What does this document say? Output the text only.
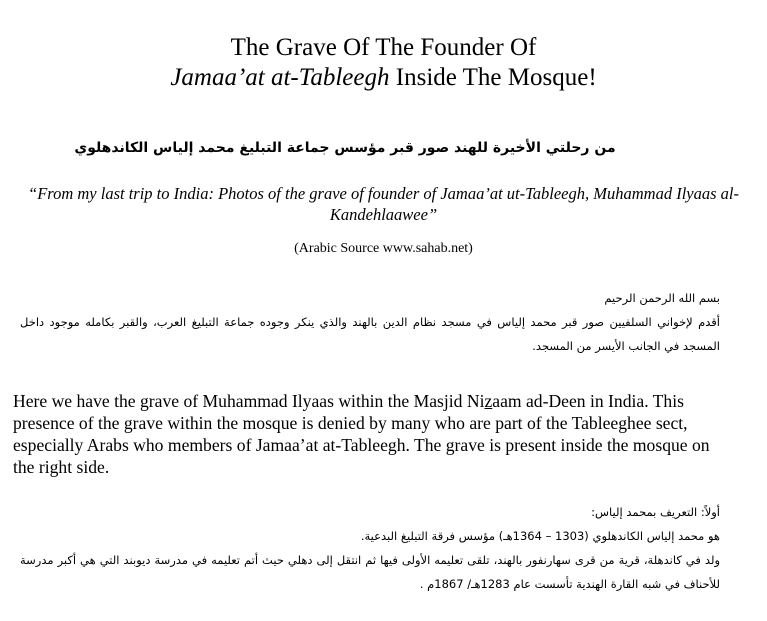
The Grave Of The Founder Of
Jamaa’at at-Tableegh Inside The Mosque!
من رحلتي الأخيرة للهند صور قبر مؤسس جماعة التبليغ محمد إلياس الكاندهلوي
“From my last trip to India: Photos of the grave of founder of Jamaa’at ut-Tableegh, Muhammad Ilyaas al-Kandehlaawee”
(Arabic Source www.sahab.net)

بسم الله الرحمن الرحيم

أقدم لإخواني السلفيين صور قبر محمد إلياس في مسجد نظام الدين بالهند والذي ينكر وجوده جماعة التبليغ العرب، والقبر بكامله موجود داخل المسجد في الجانب الأيسر من المسجد.

Here we have the grave of Muhammad Ilyaas within the Masjid Nizaam ad-Deen in India. This presence of the grave within the mosque is denied by many who are part of the Tableeghee sect, especially Arabs who members of Jamaa’at at-Tableegh. The grave is present inside the mosque on the right side.

أولاً: التعريف بمحمد إلياس:

هو محمد إلياس الكاندهلوي (1303 – 1364هـ) مؤسس فرقة التبليغ البدعية.

ولد في كاندهلة، قرية من قرى سهارنفور بالهند، تلقى تعليمه الأولى فيها ثم انتقل إلى دهلي حيث أتم تعليمه في مدرسة ديوبند التي هي أكبر مدرسة للأحناف في شبه القارة الهندية تأسست عام 1283هـ/ 1867م .
